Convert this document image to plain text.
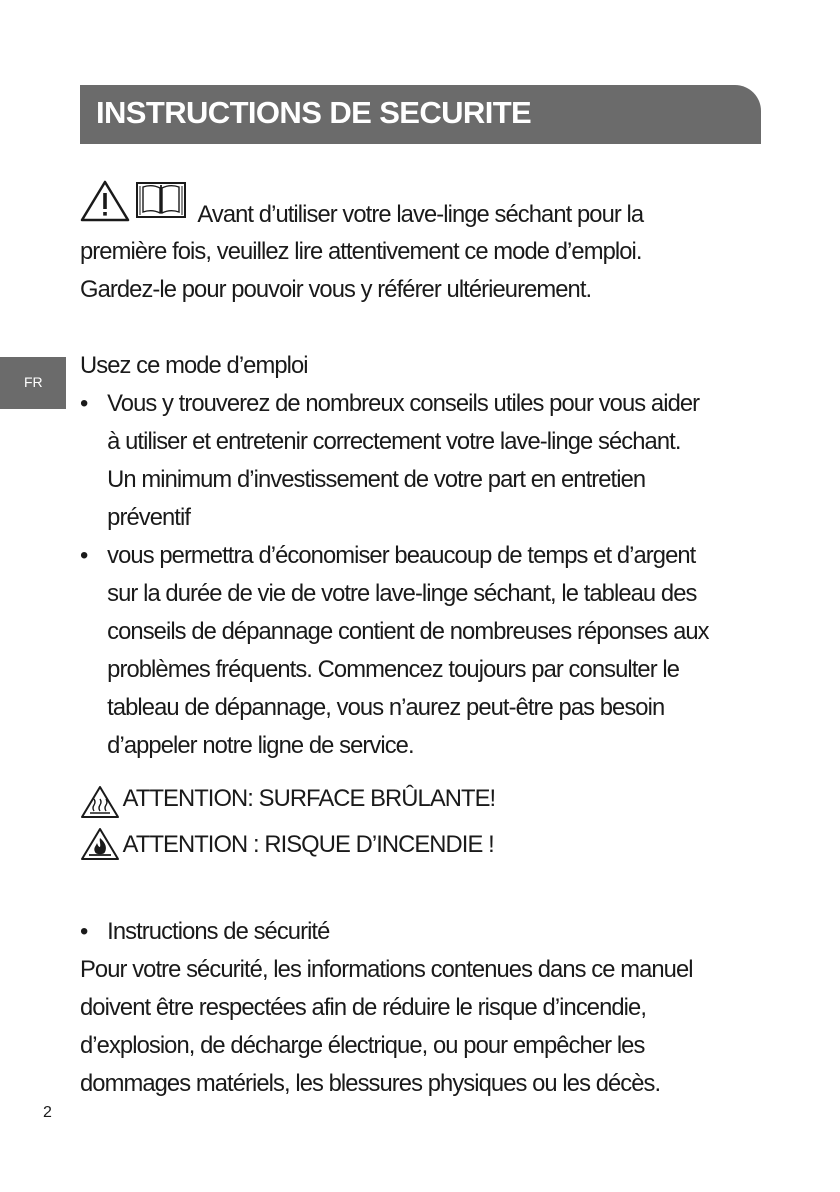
INSTRUCTIONS DE SECURITE
FR
Avant d’utiliser votre lave-linge séchant pour la
première fois, veuillez lire attentivement ce mode d’emploi.
Gardez-le pour pouvoir vous y référer ultérieurement.
Usez ce mode d’emploi
• Vous y trouverez de nombreux conseils utiles pour vous aider
à utiliser et entretenir correctement votre lave-linge séchant.
Un minimum d’investissement de votre part en entretien
préventif
• vous permettra d’économiser beaucoup de temps et d’argent
sur la durée de vie de votre lave-linge séchant, le tableau des
conseils de dépannage contient de nombreuses réponses aux
problèmes fréquents. Commencez toujours par consulter le
tableau de dépannage, vous n’aurez peut-être pas besoin
d’appeler notre ligne de service.
ATTENTION: SURFACE BRÛLANTE!
ATTENTION : RISQUE D’INCENDIE !
• Instructions de sécurité
Pour votre sécurité, les informations contenues dans ce manuel
doivent être respectées afin de réduire le risque d’incendie,
d’explosion, de décharge électrique, ou pour empêcher les
dommages matériels, les blessures physiques ou les décès.
2
